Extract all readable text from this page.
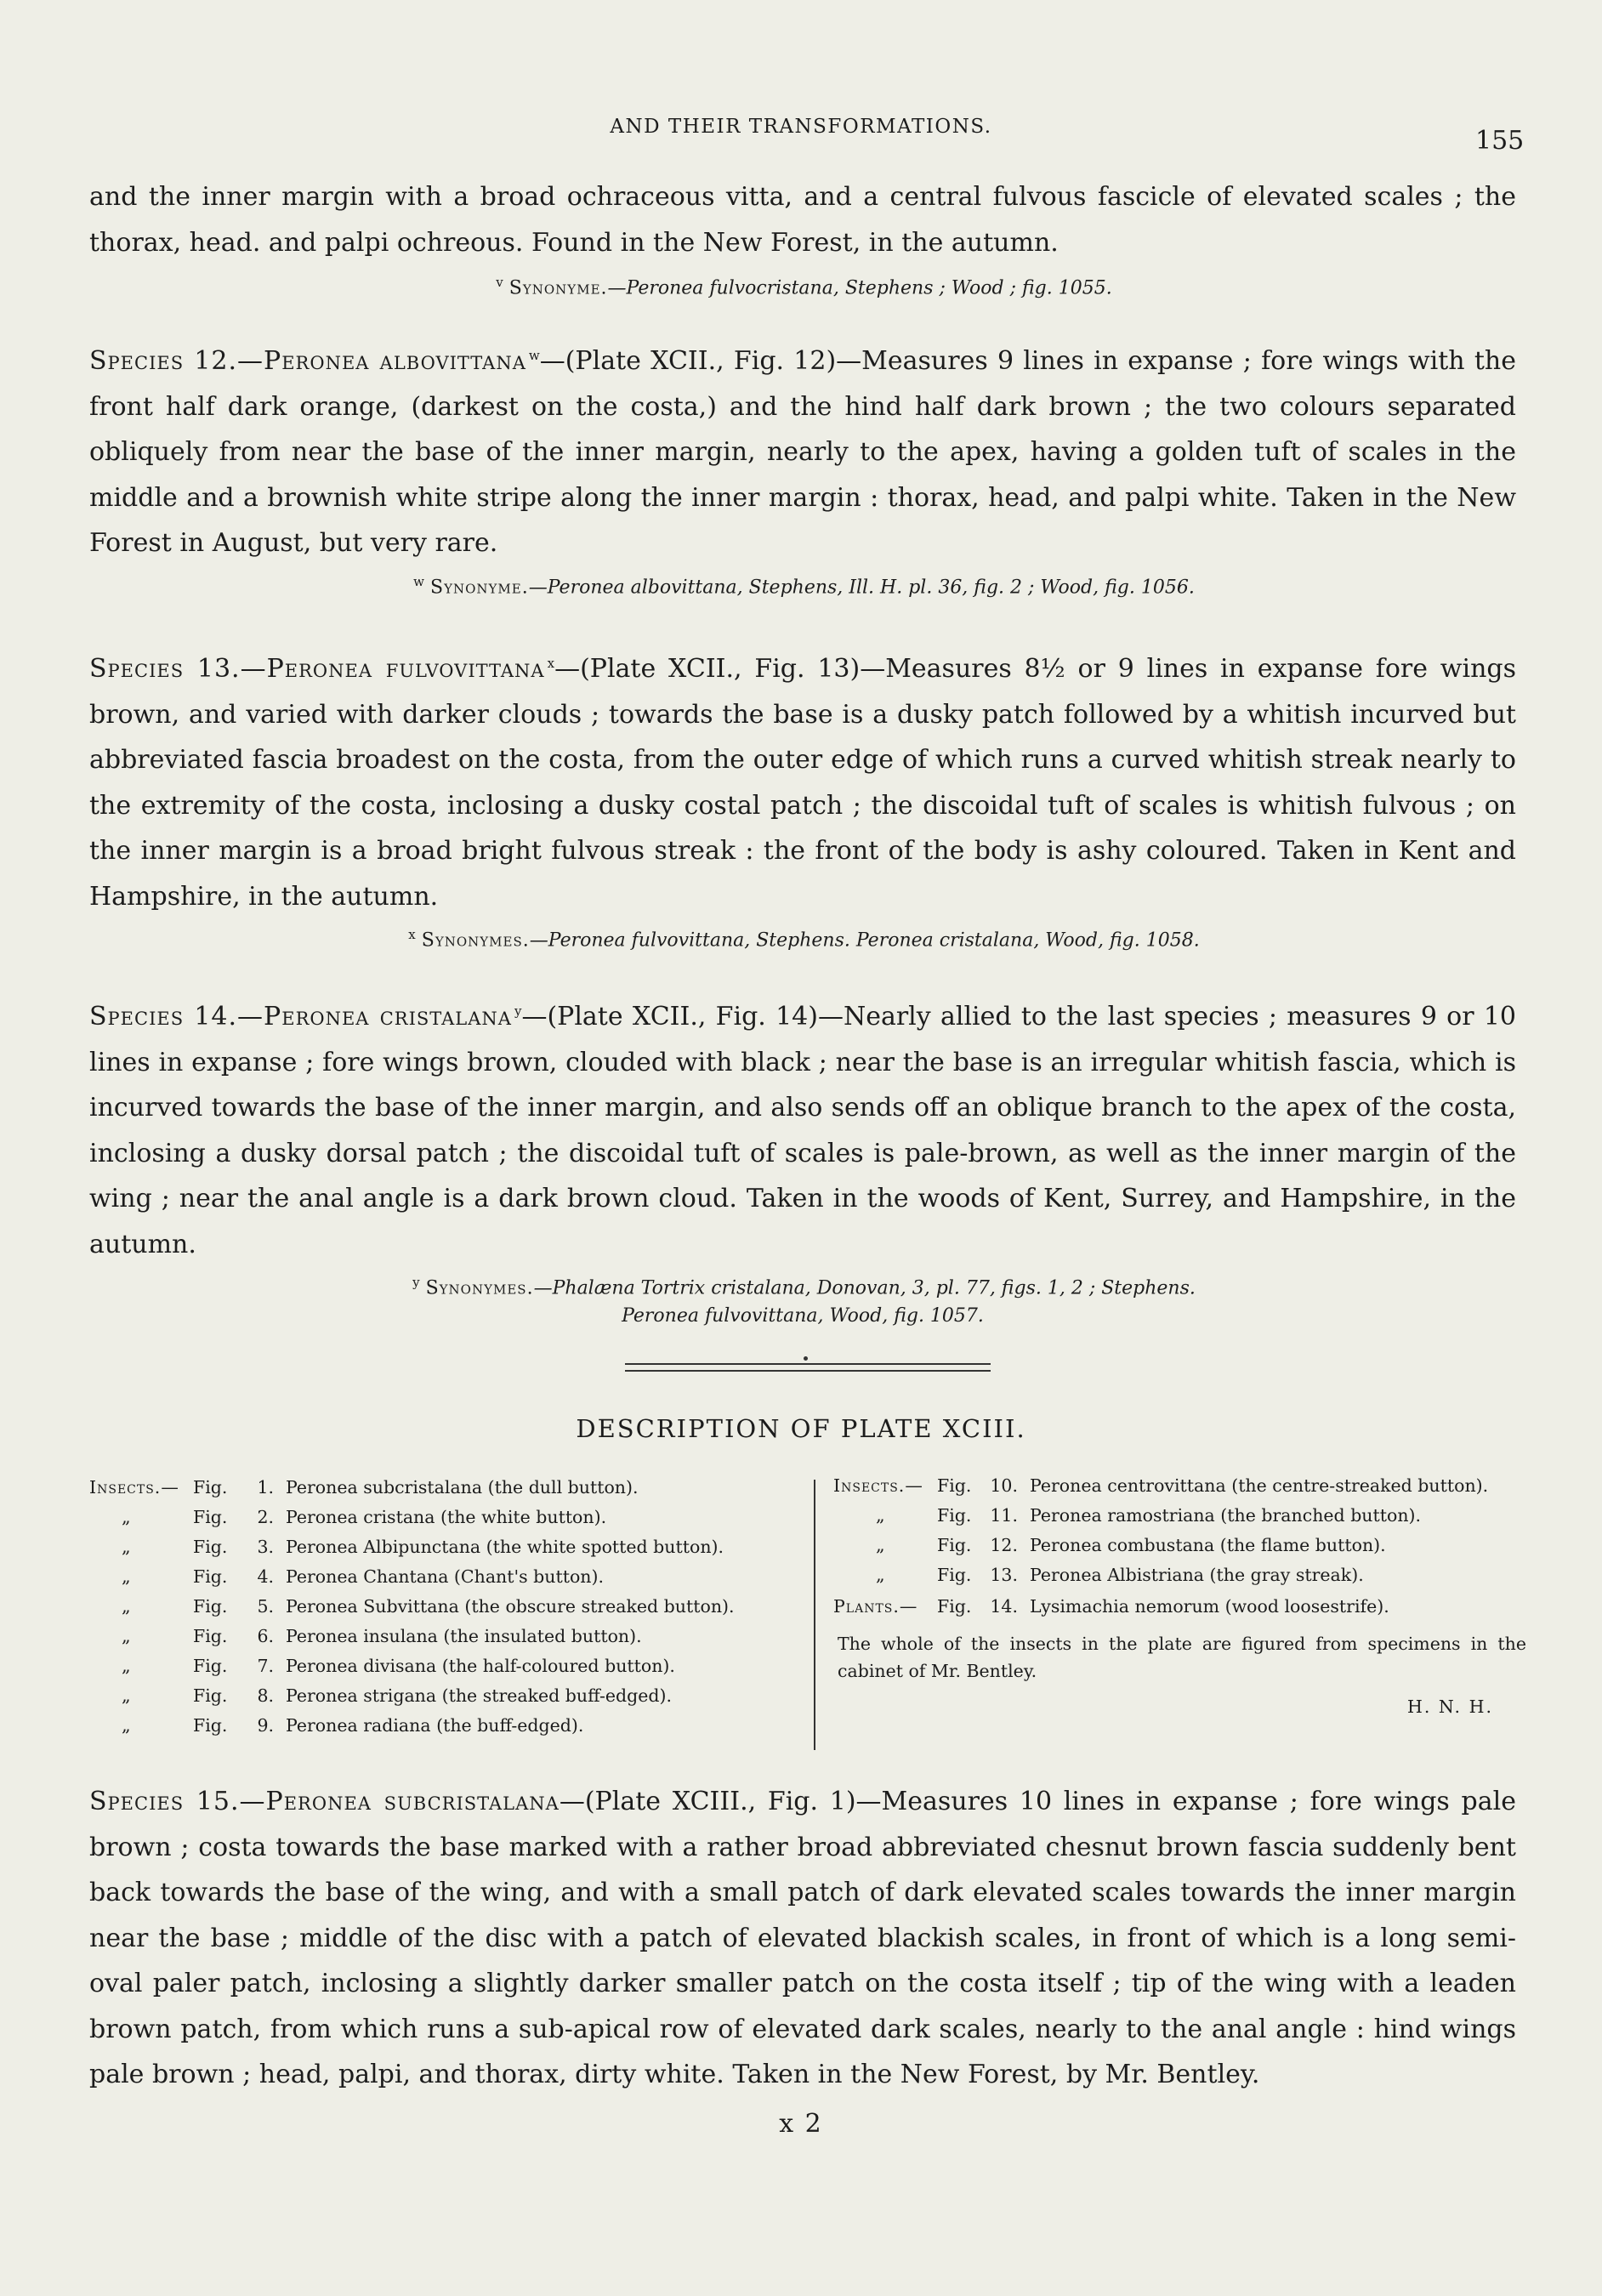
AND THEIR TRANSFORMATIONS.	155

and the inner margin with a broad ochraceous vitta, and a central fulvous fascicle of elevated scales ; the thorax, head. and palpi ochreous. Found in the New Forest, in the autumn.

$^v$ Synonyme.—Peronea fulvocristana, Stephens ; Wood ; fig. 1055.

Species 12.—Peronea albovittana $^w$—(Plate XCII., Fig. 12)—Measures 9 lines in expanse ; fore wings with the front half dark orange, (darkest on the costa,) and the hind half dark brown ; the two colours separated obliquely from near the base of the inner margin, nearly to the apex, having a golden tuft of scales in the middle and a brownish white stripe along the inner margin : thorax, head, and palpi white. Taken in the New Forest in August, but very rare.

$^w$ Synonyme.—Peronea albovittana, Stephens, Ill. H. pl. 36, fig. 2 ; Wood, fig. 1056.

Species 13.—Peronea fulvovittana $^x$—(Plate XCII., Fig. 13)—Measures 8½ or 9 lines in expanse fore wings brown, and varied with darker clouds ; towards the base is a dusky patch followed by a whitish incurved but abbreviated fascia broadest on the costa, from the outer edge of which runs a curved whitish streak nearly to the extremity of the costa, inclosing a dusky costal patch ; the discoidal tuft of scales is whitish fulvous ; on the inner margin is a broad bright fulvous streak : the front of the body is ashy coloured. Taken in Kent and Hampshire, in the autumn.

$^x$ Synonymes.—Peronea fulvovittana, Stephens. Peronea cristalana, Wood, fig. 1058.

Species 14.—Peronea cristalana $^y$—(Plate XCII., Fig. 14)—Nearly allied to the last species ; measures 9 or 10 lines in expanse ; fore wings brown, clouded with black ; near the base is an irregular whitish fascia, which is incurved towards the base of the inner margin, and also sends off an oblique branch to the apex of the costa, inclosing a dusky dorsal patch ; the discoidal tuft of scales is pale-brown, as well as the inner margin of the wing ; near the anal angle is a dark brown cloud. Taken in the woods of Kent, Surrey, and Hampshire, in the autumn.

$^y$ Synonymes.—Phalæna Tortrix cristalana, Donovan, 3, pl. 77, figs. 1, 2 ; Stephens.

Peronea fulvovittana, Wood, fig. 1057.

DESCRIPTION OF PLATE XCIII.
Insects.— Fig. 1. Peronea subcristalana (the dull button).
„	Fig. 2. Peronea cristana (the white button).
„	Fig. 3. Peronea Albipunctana (the white spotted button).
„	Fig. 4. Peronea Chantana (Chant's button).
„	Fig. 5. Peronea Subvittana (the obscure streaked button).
„	Fig. 6. Peronea insulana (the insulated button).
„	Fig. 7. Peronea divisana (the half-coloured button).
„	Fig. 8. Peronea strigana (the streaked buff-edged).
„	Fig. 9. Peronea radiana (the buff-edged).
Insects.— Fig. 10. Peronea centrovittana (the centre-streaked button).
„	Fig. 11. Peronea ramostriana (the branched button).
„	Fig. 12. Peronea combustana (the flame button).
„	Fig. 13. Peronea Albistriana (the gray streak).
Plants.— Fig. 14. Lysimachia nemorum (wood loosestrife).
The whole of the insects in the plate are figured from specimens in the cabinet of Mr. Bentley.
H. N. H.

Species 15.—Peronea subcristalana—(Plate XCIII., Fig. 1)—Measures 10 lines in expanse ; fore wings pale brown ; costa towards the base marked with a rather broad abbreviated chesnut brown fascia suddenly bent back towards the base of the wing, and with a small patch of dark elevated scales towards the inner margin near the base ; middle of the disc with a patch of elevated blackish scales, in front of which is a long semi-oval paler patch, inclosing a slightly darker smaller patch on the costa itself ; tip of the wing with a leaden brown patch, from which runs a sub-apical row of elevated dark scales, nearly to the anal angle : hind wings pale brown ; head, palpi, and thorax, dirty white. Taken in the New Forest, by Mr. Bentley.

x 2
